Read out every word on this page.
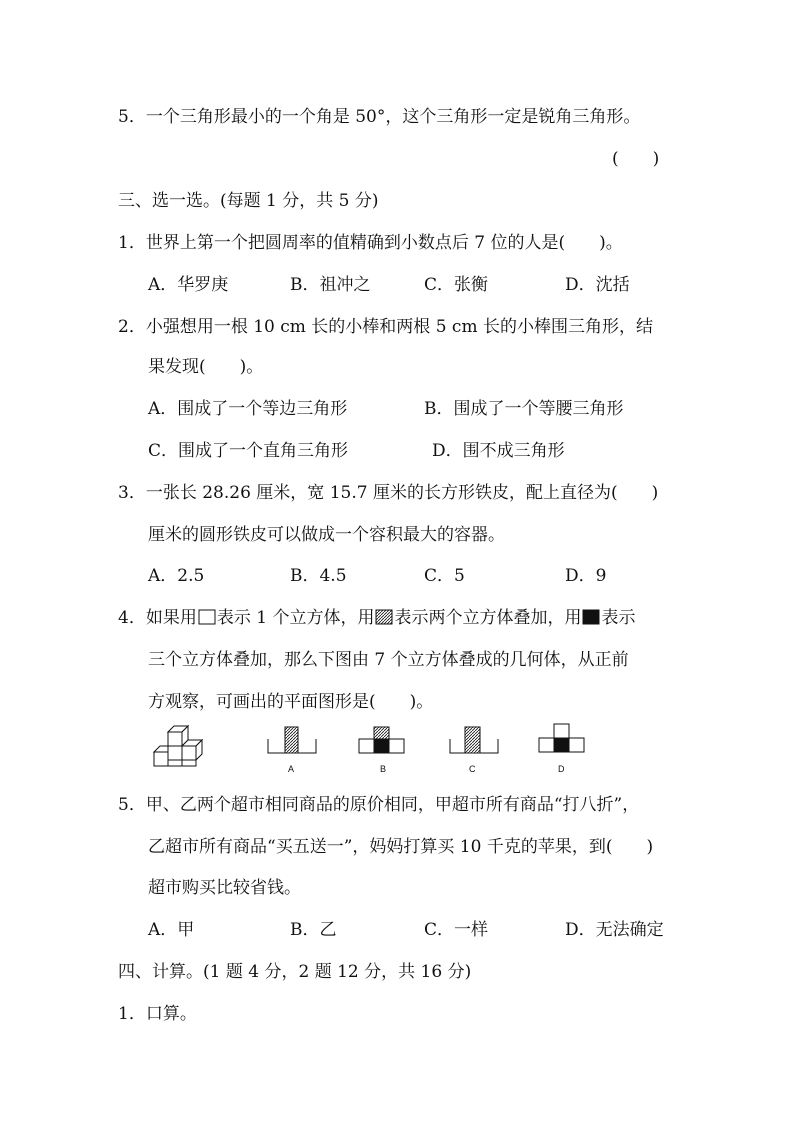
5．一个三角形最小的一个角是 50°，这个三角形一定是锐角三角形。
(　　)
三、选一选。(每题 1 分，共 5 分)
1．世界上第一个把圆周率的值精确到小数点后 7 位的人是(　　)。
A．华罗庚	B．祖冲之	C．张衡	D．沈括
2．小强想用一根 10 cm 长的小棒和两根 5 cm 长的小棒围三角形，结
果发现(　　)。
A．围成了一个等边三角形	B．围成了一个等腰三角形
C．围成了一个直角三角形	D．围不成三角形
3．一张长 28.26 厘米，宽 15.7 厘米的长方形铁皮，配上直径为(　　)
厘米的圆形铁皮可以做成一个容积最大的容器。
A．2.5	B．4.5	C．5	D．9
4．如果用 表示 1 个立方体，用 表示两个立方体叠加，用 表示
三个立方体叠加，那么下图由 7 个立方体叠成的几何体，从正前
方观察，可画出的平面图形是(　　)。
A	B	C	D
5．甲、乙两个超市相同商品的原价相同，甲超市所有商品“打八折”，
乙超市所有商品“买五送一”，妈妈打算买 10 千克的苹果，到(　　)
超市购买比较省钱。
A．甲	B．乙	C．一样	D．无法确定
四、计算。(1 题 4 分，2 题 12 分，共 16 分)
1．口算。
